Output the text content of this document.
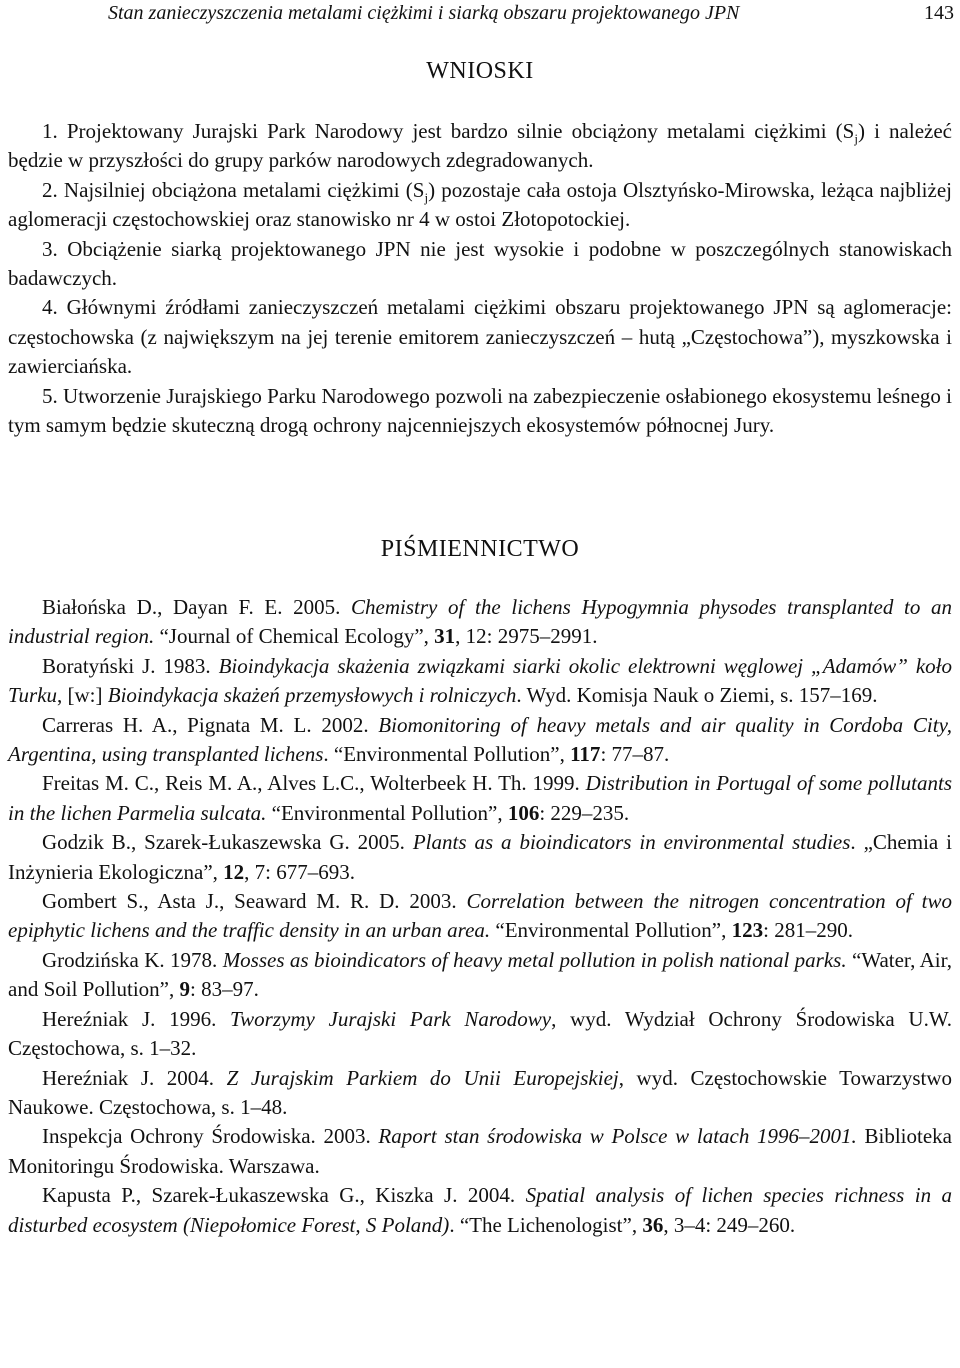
Stan zanieczyszczenia metalami ciężkimi i siarką obszaru projektowanego JPN	143
WNIOSKI

1. Projektowany Jurajski Park Narodowy jest bardzo silnie obciążony metalami ciężkimi $(S_j)$ i należeć będzie w przyszłości do grupy parków narodowych zdegradowanych.

2. Najsilniej obciążona metalami ciężkimi $(S_j)$ pozostaje cała ostoja Olsztyńsko-Mirowska, leżąca najbliżej aglomeracji częstochowskiej oraz stanowisko nr 4 w ostoi Złotopotockiej.

3. Obciążenie siarką projektowanego JPN nie jest wysokie i podobne w poszczególnych stanowiskach badawczych.

4. Głównymi źródłami zanieczyszczeń metalami ciężkimi obszaru projektowanego JPN są aglomeracje: częstochowska (z największym na jej terenie emitorem zanieczyszczeń – hutą „Częstochowa”), myszkowska i zawierciańska.

5. Utworzenie Jurajskiego Parku Narodowego pozwoli na zabezpieczenie osłabionego ekosystemu leśnego i tym samym będzie skuteczną drogą ochrony najcenniejszych ekosystemów północnej Jury.

PIŚMIENNICTWO

Białońska D., Dayan F. E. 2005. Chemistry of the lichens Hypogymnia physodes transplanted to an industrial region. “Journal of Chemical Ecology”, 31, 12: 2975–2991.

Boratyński J. 1983. Bioindykacja skażenia związkami siarki okolic elektrowni węglowej „Adamów” koło Turku, [w:] Bioindykacja skażeń przemysłowych i rolniczych. Wyd. Komisja Nauk o Ziemi, s. 157–169.

Carreras H. A., Pignata M. L. 2002. Biomonitoring of heavy metals and air quality in Cordoba City, Argentina, using transplanted lichens. “Environmental Pollution”, 117: 77–87.

Freitas M. C., Reis M. A., Alves L.C., Wolterbeek H. Th. 1999. Distribution in Portugal of some pollutants in the lichen Parmelia sulcata. “Environmental Pollution”, 106: 229–235.

Godzik B., Szarek-Łukaszewska G. 2005. Plants as a bioindicators in environmental studies. „Chemia i Inżynieria Ekologiczna”, 12, 7: 677–693.

Gombert S., Asta J., Seaward M. R. D. 2003. Correlation between the nitrogen concentration of two epiphytic lichens and the traffic density in an urban area. “Environmental Pollution”, 123: 281–290.

Grodzińska K. 1978. Mosses as bioindicators of heavy metal pollution in polish national parks. “Water, Air, and Soil Pollution”, 9: 83–97.

Hereźniak J. 1996. Tworzymy Jurajski Park Narodowy, wyd. Wydział Ochrony Środowiska U.W. Częstochowa, s. 1–32.

Hereźniak J. 2004. Z Jurajskim Parkiem do Unii Europejskiej, wyd. Częstochowskie Towarzystwo Naukowe. Częstochowa, s. 1–48.

Inspekcja Ochrony Środowiska. 2003. Raport stan środowiska w Polsce w latach 1996–2001. Biblioteka Monitoringu Środowiska. Warszawa.

Kapusta P., Szarek-Łukaszewska G., Kiszka J. 2004. Spatial analysis of lichen species richness in a disturbed ecosystem (Niepołomice Forest, S Poland). “The Lichenologist”, 36, 3–4: 249–260.
